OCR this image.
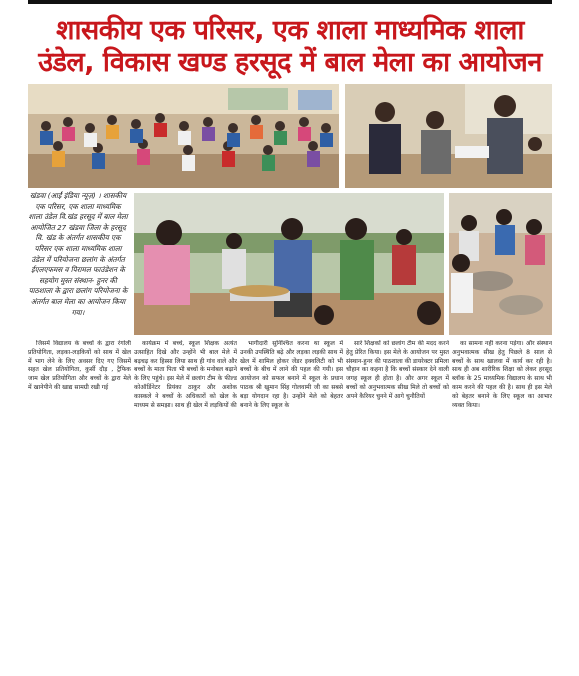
शासकीय एक परिसर, एक शाला माध्यमिक शाला
उंडेल, विकास खण्ड हरसूद में बाल मेला का आयोजन
खंडवा (आईं इंडिया न्यूज़) । शासकीय एक परिसर, एक शाला माध्यमिक शाला उंडेल वि.खंड हरसूद में बाल मेला आयोजित 27 खंडवा जिला के हरसूद वि. खंड के अंतर्गत शासकीय एक परिसर एक शाला माध्यमिक शाला उंडेल में परियोजना छलांग के अंतर्गत ईएलएफमस व पिरामल फाउंडेशन के सहयोग मुस्त संस्थान- हुनर की पाठशाला के द्वारा छलांग परियोजना के अंतर्गत बाल मेला का आयोजन किया गया।

जिसमें विद्यालय के बच्चों के द्वारा रंगोली प्रतियोगिता, लड़का-लड़कियों को साथ में खेल में भाग लेने के लिए अवसर दिए गए जिसमें सहत खेल प्रतियोगिता, कुर्सी दौड़ , ट्रैफिक जाम खेल प्रतियोगिता और बच्चों के द्वारा मेले में खानेपीने की खाद्य सामग्री रखी गई

कार्यक्रम में बच्चे, स्कूल शिक्षक अत्यंत उत्साहित दिखे और उन्होंने भी बाल मेले में बढ़चढ़ कर हिस्सा लिया साथ ही गांव वाले और बच्चों के माता पिता भी बच्चों के मनोबल बढ़ाने के लिए पहुंचे। इस मेले में छलांग टीम के फील्ड कोऑर्डिनेटर प्रियंका ठाकुर और अशोक कास्कले ने बच्चों के अधिकारों को खेल के माध्यम से समझा। साथ ही खेल में लड़कियों की

भागीदारी सुनिश्चित करना था स्कूल में उनकी उपस्थिति बढ़े और लड़का लड़की साथ में खेल में शामिल होकर जेंडर इक्वलिटी को भी बच्चों के बीच में लाने की पहल की गयी। इस आयोजन को सफल बनाने में स्कूल के प्रधान पाठक श्री खुमान सिंह गोलवामी जी का सबसे बड़ा योगदान रहा है। उन्होंने मेले को बेहतर बनाने के लिए स्कूल के

सारे शिक्षकों को छलांग टीम की मदद करने हेतु प्रेरित किया। इस मेले के आयोजन पर मुस्त संस्थान-हुनर की पाठशाला की डायरेक्टर प्रमिला चौहान का कहना है कि बच्चों संस्कार देने वाली जगह स्कूल ही होता है। और अगर स्कूल में बच्चों को अनुभवात्मक सीख मिले तो बच्चों को अपने कैरियर चुनने में आगे चुनौतियों

का सामना नहीं करना पड़ेगा। और संस्थान अनुभवात्मक सीख हेतु पिछले 8 साल से बच्चों के साथ खालवा में कार्य कर रही है। साथ ही अब शारीरिक शिक्षा को लेकर हरसूद ब्लॉक के 25 माध्यमिक विद्यालय के साथ भी काम करने की पहल की है। साथ ही इस मेले को बेहतर बनाने के लिए स्कूल का आभार व्यक्त किया।
